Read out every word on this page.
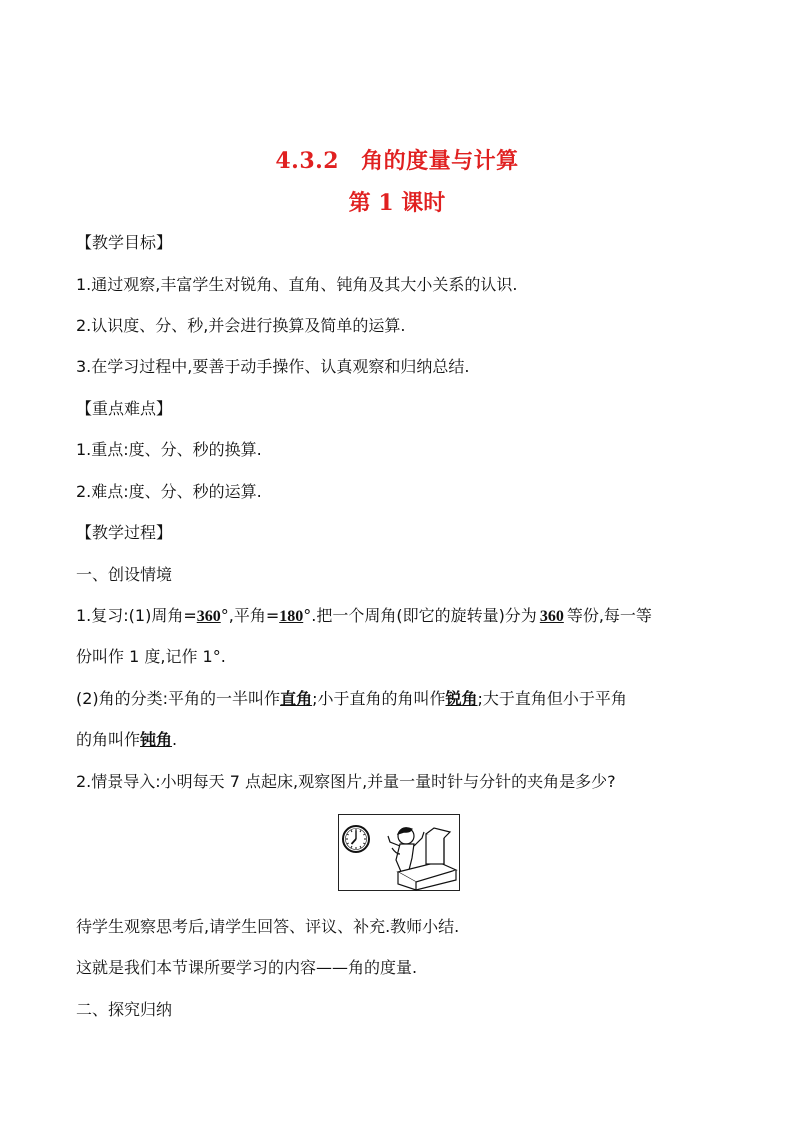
4.3.2 角的度量与计算
第 1 课时
【教学目标】
1.通过观察,丰富学生对锐角、直角、钝角及其大小关系的认识.
2.认识度、分、秒,并会进行换算及简单的运算.
3.在学习过程中,要善于动手操作、认真观察和归纳总结.
【重点难点】
1.重点:度、分、秒的换算.
2.难点:度、分、秒的运算.
【教学过程】
一、创设情境
1.复习:(1)周角=360°,平角=180°.把一个周角(即它的旋转量)分为 360 等份,每一等
份叫作 1 度,记作 1°.
(2)角的分类:平角的一半叫作直角;小于直角的角叫作锐角;大于直角但小于平角
的角叫作钝角.
2.情景导入:小明每天 7 点起床,观察图片,并量一量时针与分针的夹角是多少?
待学生观察思考后,请学生回答、评议、补充.教师小结.
这就是我们本节课所要学习的内容——角的度量.
二、探究归纳
